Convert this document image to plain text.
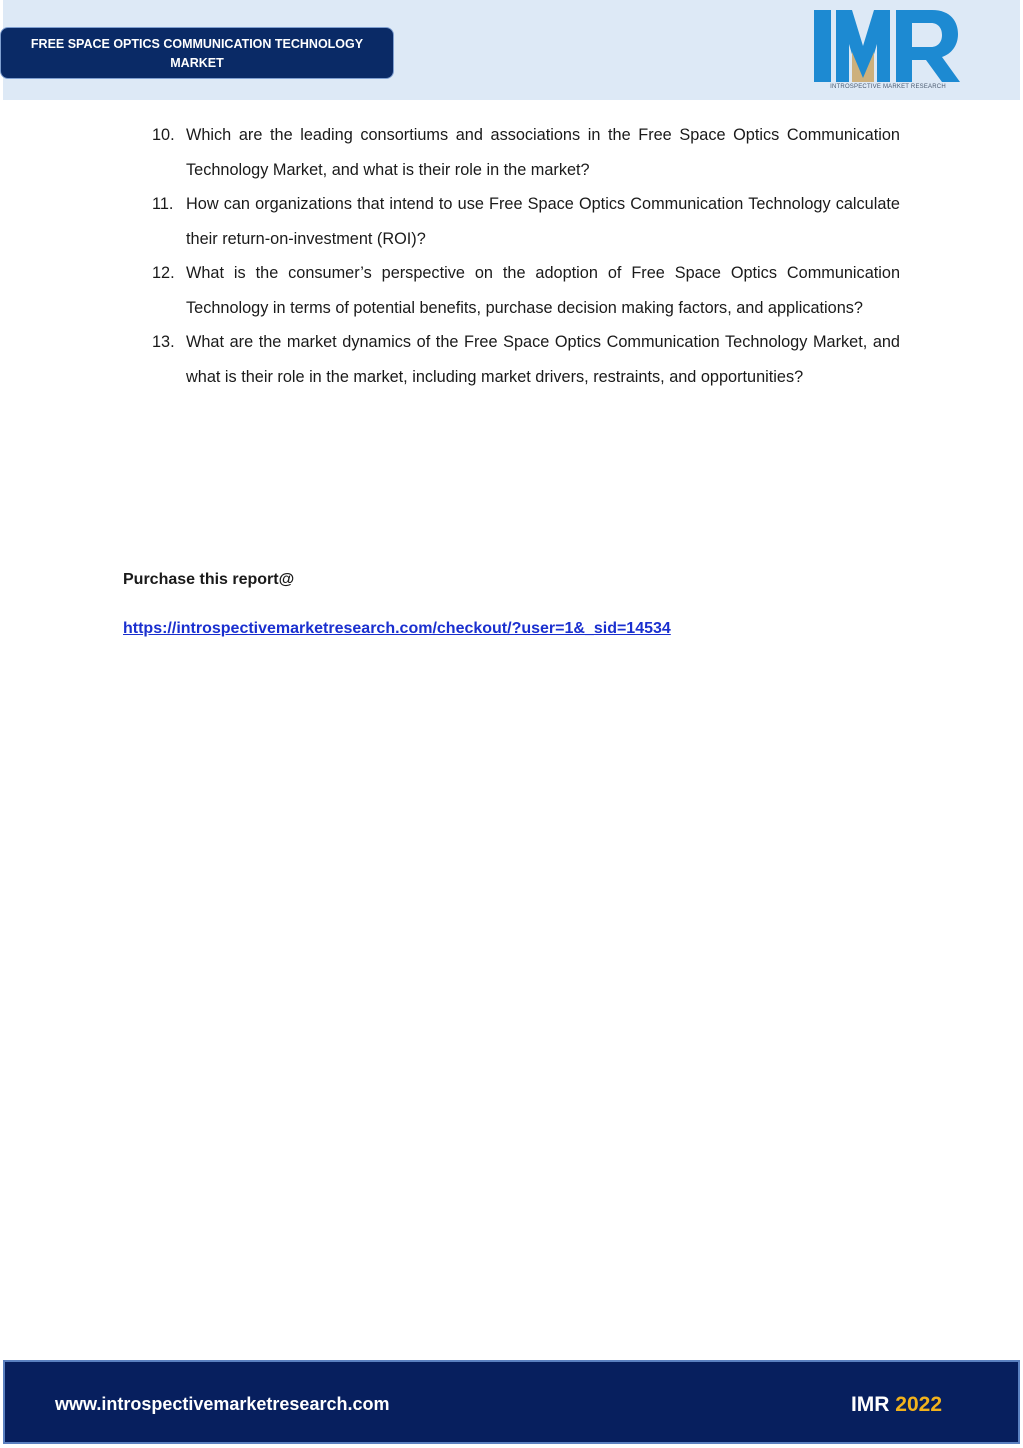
FREE SPACE OPTICS COMMUNICATION TECHNOLOGY
MARKET
INTROSPECTIVE MARKET RESEARCH
10. Which are the leading consortiums and associations in the Free Space Optics Communication Technology Market, and what is their role in the market?
11. How can organizations that intend to use Free Space Optics Communication Technology calculate their return-on-investment (ROI)?
12. What is the consumer’s perspective on the adoption of Free Space Optics Communication Technology in terms of potential benefits, purchase decision making factors, and applications?
13. What are the market dynamics of the Free Space Optics Communication Technology Market, and what is their role in the market, including market drivers, restraints, and opportunities?
Purchase this report@
https://introspectivemarketresearch.com/checkout/?user=1&_sid=14534
www.introspectivemarketresearch.com	IMR 2022
